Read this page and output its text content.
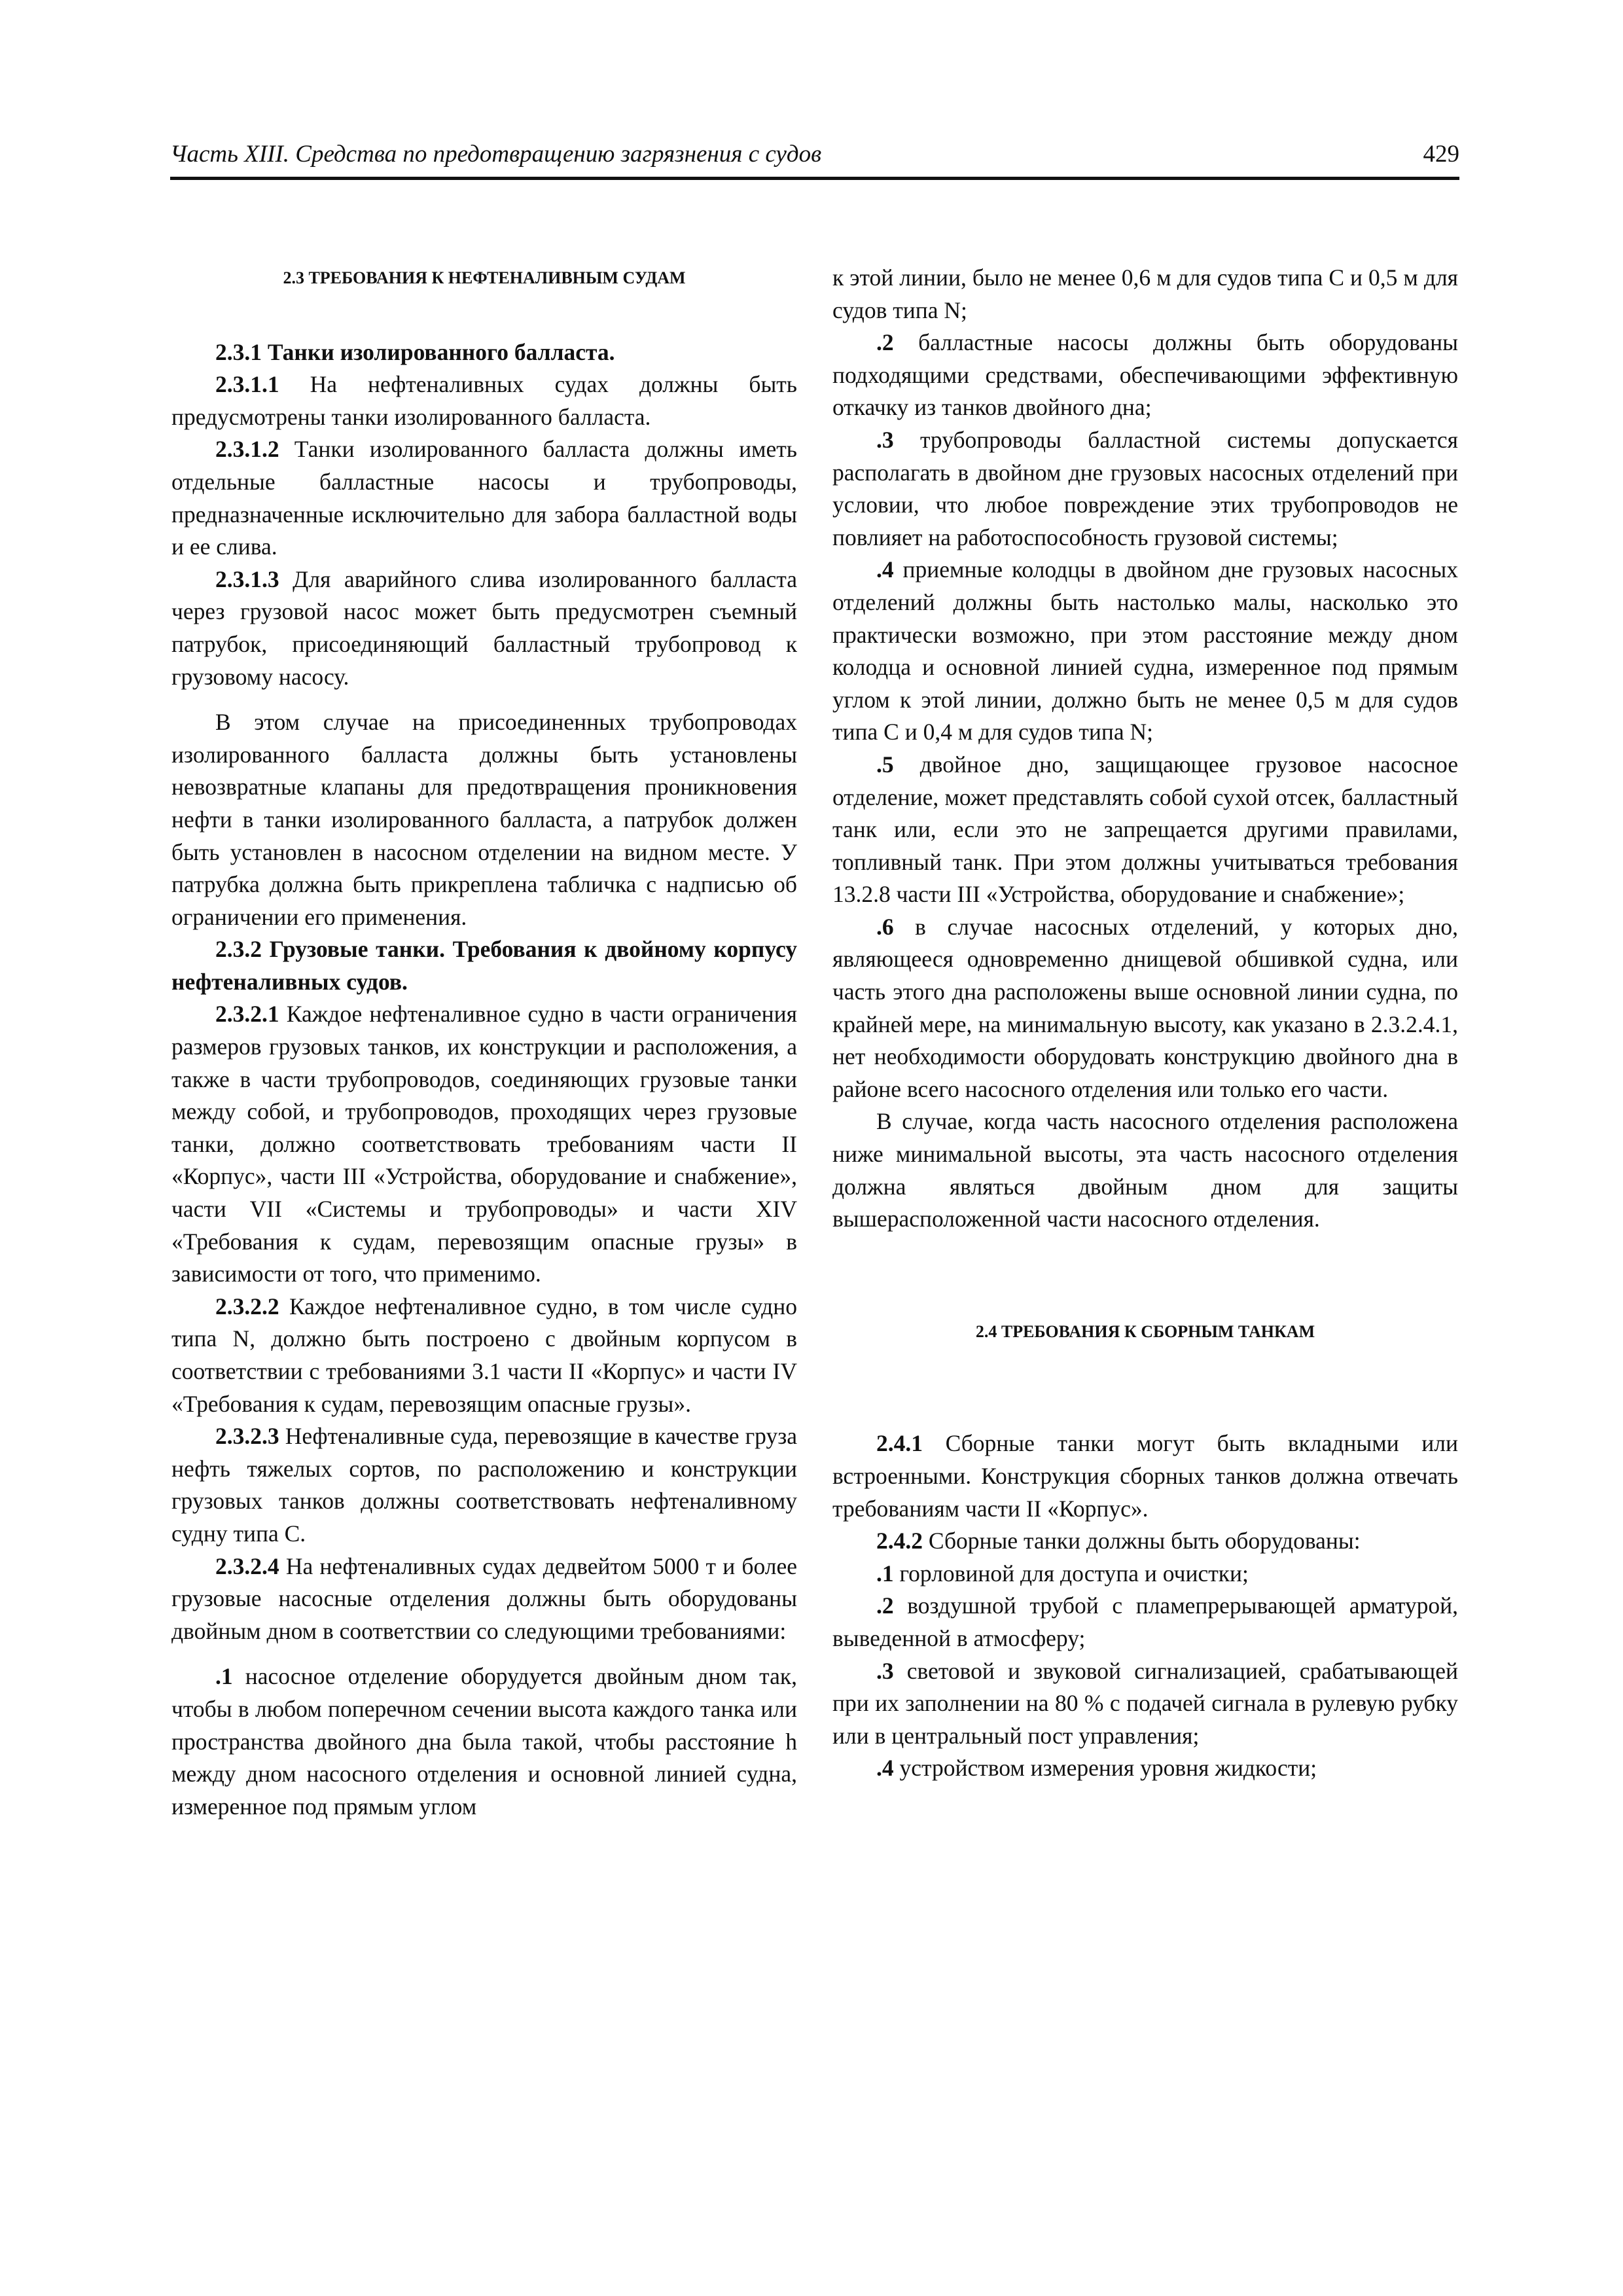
Часть XIII. Средства по предотвращению загрязнения с судов	429

2.3 ТРЕБОВАНИЯ К НЕФТЕНАЛИВНЫМ СУДАМ

2.3.1 Танки изолированного балласта.

2.3.1.1 На нефтеналивных судах должны быть предусмотрены танки изолированного балласта.

2.3.1.2 Танки изолированного балласта должны иметь отдельные балластные насосы и трубопроводы, предназначенные исключительно для забора балластной воды и ее слива.

2.3.1.3 Для аварийного слива изолированного балласта через грузовой насос может быть предусмотрен съемный патрубок, присоединяющий балластный трубопровод к грузовому насосу.

В этом случае на присоединенных трубопроводах изолированного балласта должны быть установлены невозвратные клапаны для предотвращения проникновения нефти в танки изолированного балласта, а патрубок должен быть установлен в насосном отделении на видном месте. У патрубка должна быть прикреплена табличка с надписью об ограничении его применения.

2.3.2 Грузовые танки. Требования к двойному корпусу нефтеналивных судов.

2.3.2.1 Каждое нефтеналивное судно в части ограничения размеров грузовых танков, их конструкции и расположения, а также в части трубопроводов, соединяющих грузовые танки между собой, и трубопроводов, проходящих через грузовые танки, должно соответствовать требованиям части II «Корпус», части III «Устройства, оборудование и снабжение», части VII «Системы и трубопроводы» и части XIV «Требования к судам, перевозящим опасные грузы» в зависимости от того, что применимо.

2.3.2.2 Каждое нефтеналивное судно, в том числе судно типа N, должно быть построено с двойным корпусом в соответствии с требованиями 3.1 части II «Корпус» и части IV «Требования к судам, перевозящим опасные грузы».

2.3.2.3 Нефтеналивные суда, перевозящие в качестве груза нефть тяжелых сортов, по расположению и конструкции грузовых танков должны соответствовать нефтеналивному судну типа С.

2.3.2.4 На нефтеналивных судах дедвейтом 5000 т и более грузовые насосные отделения должны быть оборудованы двойным дном в соответствии со следующими требованиями:

.1 насосное отделение оборудуется двойным дном так, чтобы в любом поперечном сечении высота каждого танка или пространства двойного дна была такой, чтобы расстояние h между дном насосного отделения и основной линией судна, измеренное под прямым углом

к этой линии, было не менее 0,6 м для судов типа С и 0,5 м для судов типа N;

.2 балластные насосы должны быть оборудованы подходящими средствами, обеспечивающими эффективную откачку из танков двойного дна;

.3 трубопроводы балластной системы допускается располагать в двойном дне грузовых насосных отделений при условии, что любое повреждение этих трубопроводов не повлияет на работоспособность грузовой системы;

.4 приемные колодцы в двойном дне грузовых насосных отделений должны быть настолько малы, насколько это практически возможно, при этом расстояние между дном колодца и основной линией судна, измеренное под прямым углом к этой линии, должно быть не менее 0,5 м для судов типа С и 0,4 м для судов типа N;

.5 двойное дно, защищающее грузовое насосное отделение, может представлять собой сухой отсек, балластный танк или, если это не запрещается другими правилами, топливный танк. При этом должны учитываться требования 13.2.8 части III «Устройства, оборудование и снабжение»;

.6 в случае насосных отделений, у которых дно, являющееся одновременно днищевой обшивкой судна, или часть этого дна расположены выше основной линии судна, по крайней мере, на минимальную высоту, как указано в 2.3.2.4.1, нет необходимости оборудовать конструкцию двойного дна в районе всего насосного отделения или только его части.

В случае, когда часть насосного отделения расположена ниже минимальной высоты, эта часть насосного отделения должна являться двойным дном для защиты вышерасположенной части насосного отделения.

2.4 ТРЕБОВАНИЯ К СБОРНЫМ ТАНКАМ

2.4.1 Сборные танки могут быть вкладными или встроенными. Конструкция сборных танков должна отвечать требованиям части II «Корпус».

2.4.2 Сборные танки должны быть оборудованы:

.1 горловиной для доступа и очистки;

.2 воздушной трубой с пламепрерывающей арматурой, выведенной в атмосферу;

.3 световой и звуковой сигнализацией, срабатывающей при их заполнении на 80 % с подачей сигнала в рулевую рубку или в центральный пост управления;

.4 устройством измерения уровня жидкости;
